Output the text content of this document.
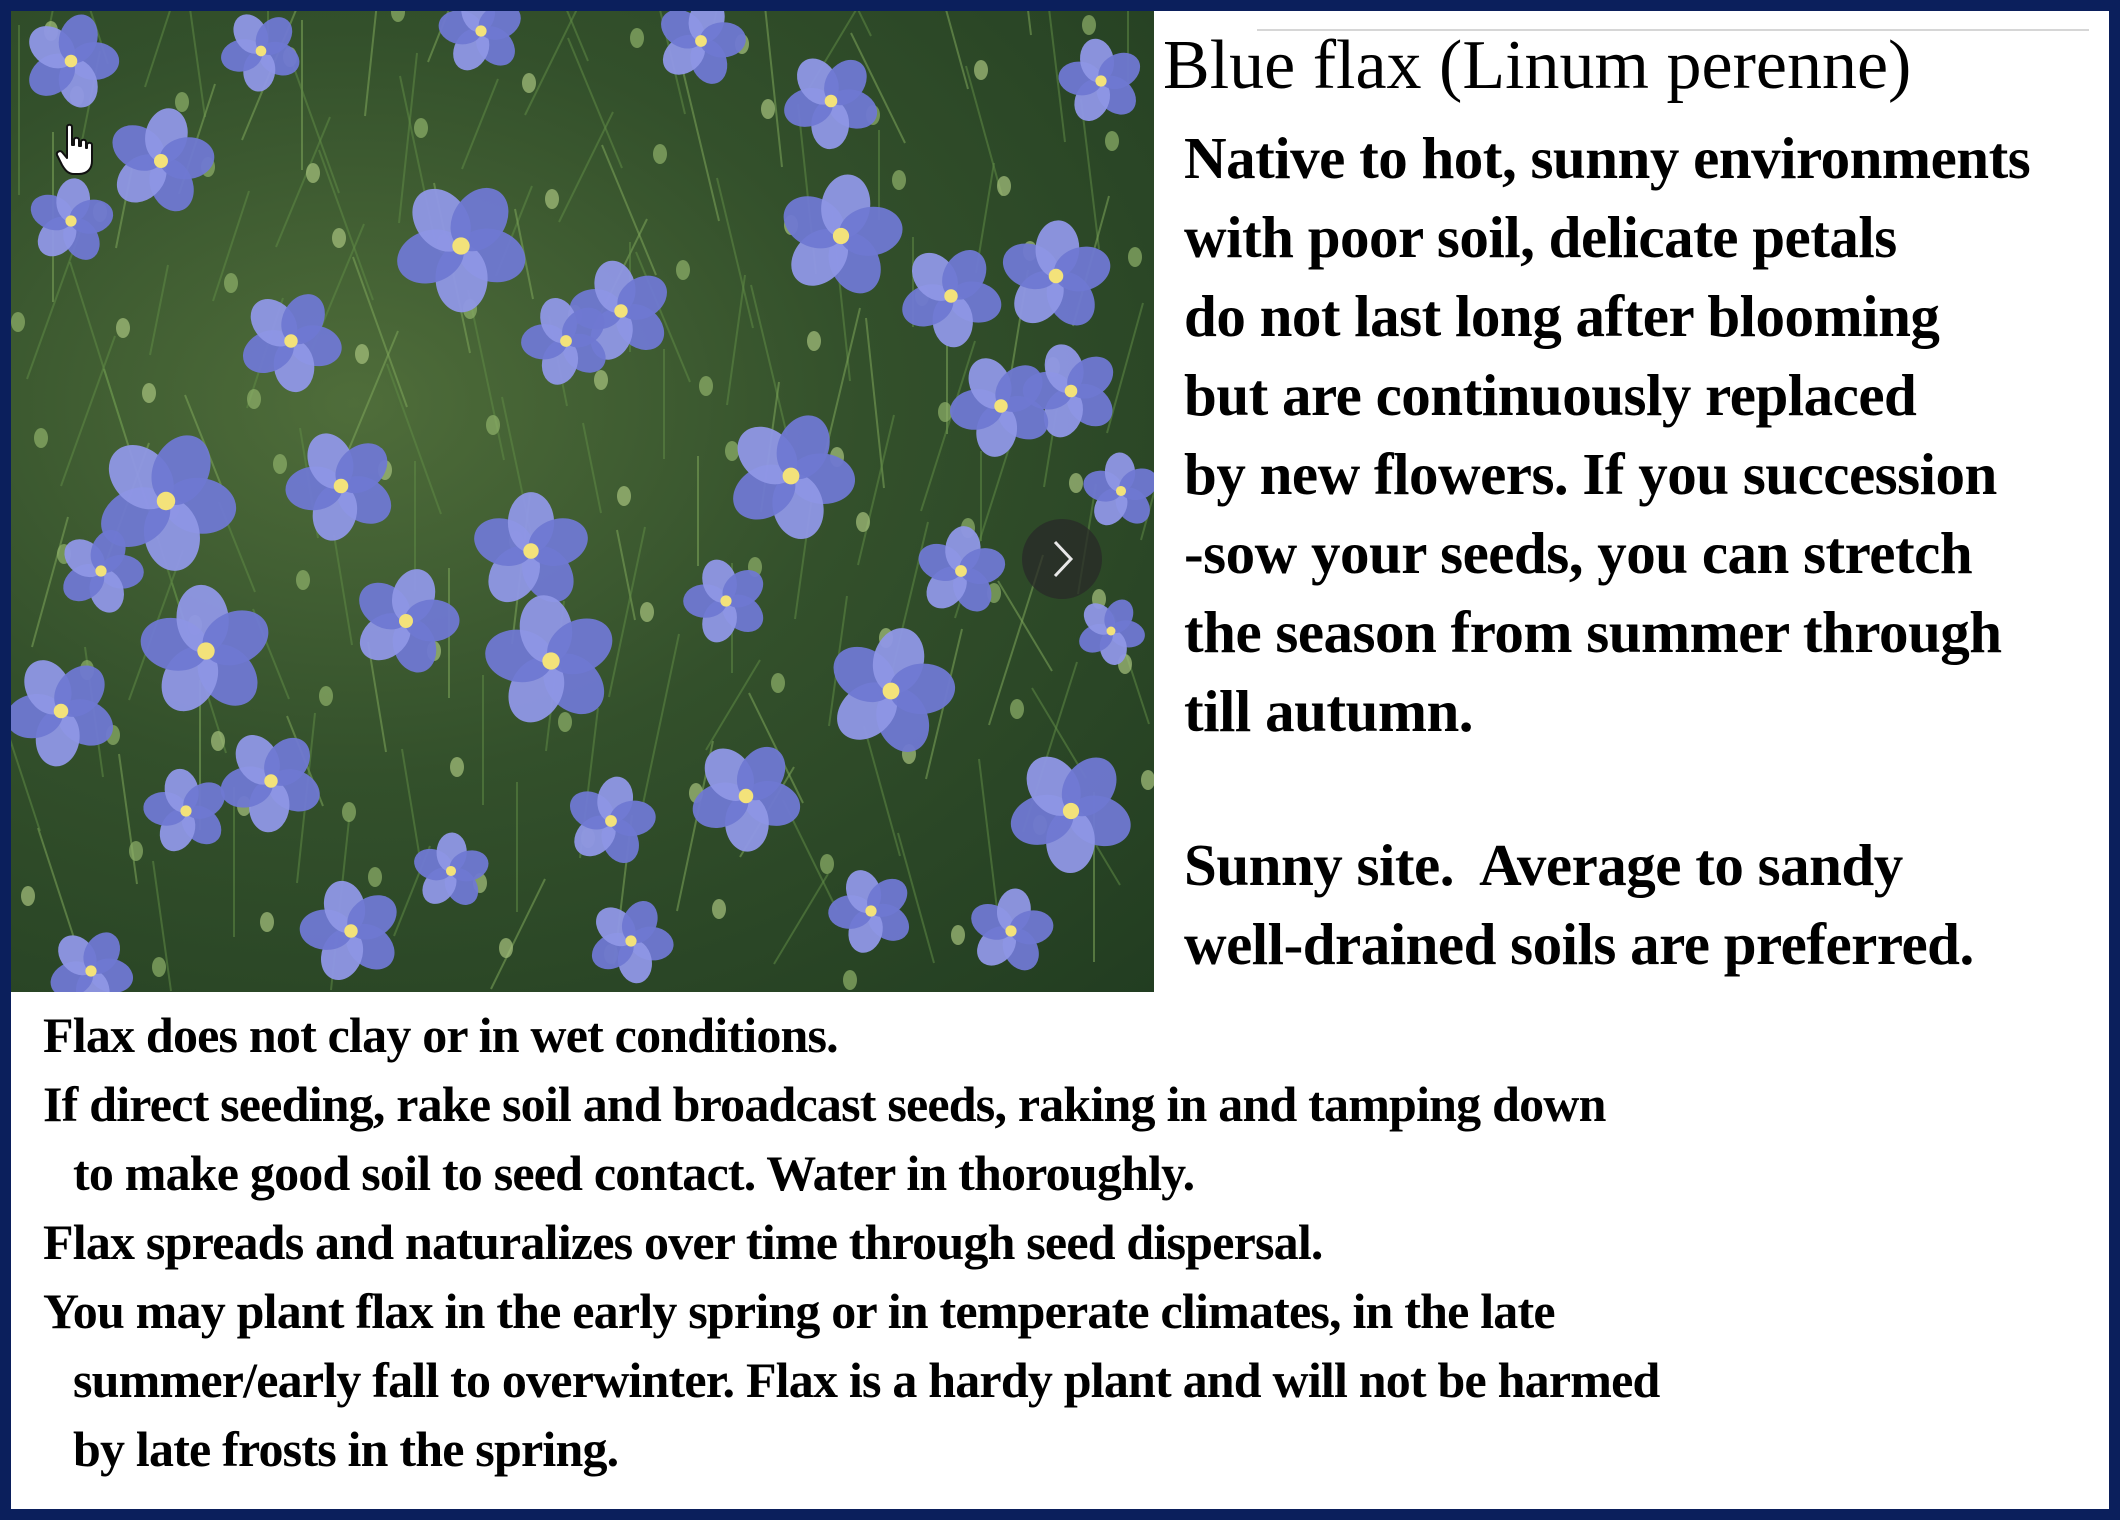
Blue flax (Linum perenne)
Native to hot, sunny environments
with poor soil, delicate petals
do not last long after blooming
but are continuously replaced
by new flowers. If you succession
-sow your seeds, you can stretch
the season from summer through
till autumn.
Sunny site.  Average to sandy
well-drained soils are preferred.
Flax does not clay or in wet conditions.
If direct seeding, rake soil and broadcast seeds, raking in and tamping down
to make good soil to seed contact. Water in thoroughly.
Flax spreads and naturalizes over time through seed dispersal.
You may plant flax in the early spring or in temperate climates, in the late
summer/early fall to overwinter. Flax is a hardy plant and will not be harmed
by late frosts in the spring.
